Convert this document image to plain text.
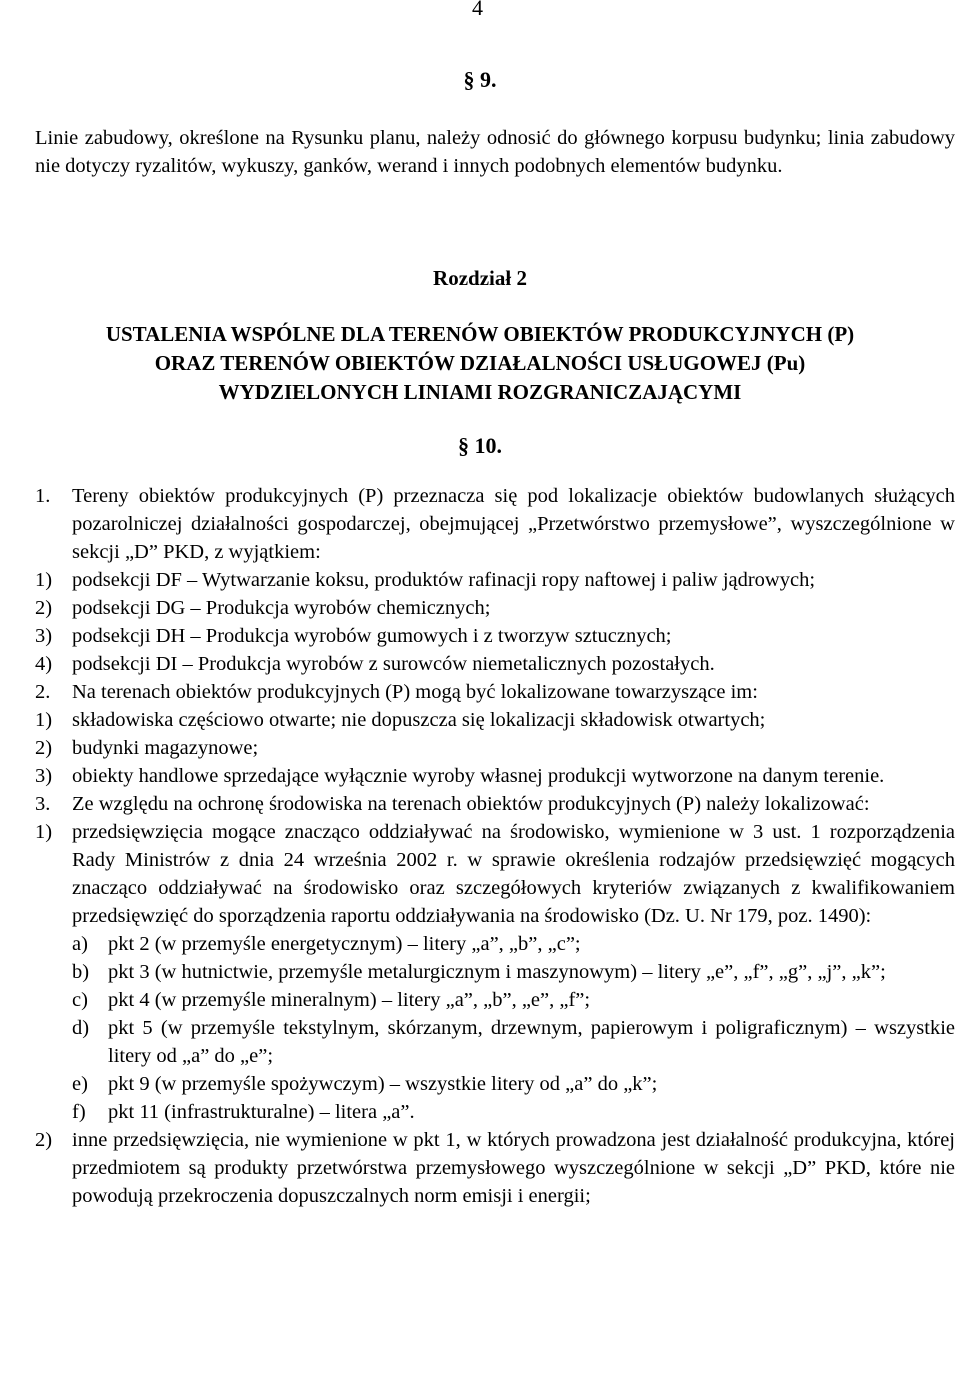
4
§ 9.
Linie zabudowy, określone na Rysunku planu, należy odnosić do głównego korpusu budynku; linia zabudowy nie dotyczy ryzalitów, wykuszy, ganków, werand i innych podobnych elementów budynku.
Rozdział 2
USTALENIA WSPÓLNE DLA TERENÓW OBIEKTÓW PRODUKCYJNYCH (P)
ORAZ TERENÓW OBIEKTÓW DZIAŁALNOŚCI USŁUGOWEJ (Pu)
WYDZIELONYCH LINIAMI ROZGRANICZAJĄCYMI
§ 10.
1. Tereny obiektów produkcyjnych (P) przeznacza się pod lokalizacje obiektów budowlanych służących pozarolniczej działalności gospodarczej, obejmującej „Przetwórstwo przemysłowe”, wyszczególnione w sekcji „D” PKD, z wyjątkiem:
1) podsekcji DF – Wytwarzanie koksu, produktów rafinacji ropy naftowej i paliw jądrowych;
2) podsekcji DG – Produkcja wyrobów chemicznych;
3) podsekcji DH – Produkcja wyrobów gumowych i z tworzyw sztucznych;
4) podsekcji DI – Produkcja wyrobów z surowców niemetalicznych pozostałych.
2. Na terenach obiektów produkcyjnych (P) mogą być lokalizowane towarzyszące im:
1) składowiska częściowo otwarte; nie dopuszcza się lokalizacji składowisk otwartych;
2) budynki magazynowe;
3) obiekty handlowe sprzedające wyłącznie wyroby własnej produkcji wytworzone na danym terenie.
3. Ze względu na ochronę środowiska na terenach obiektów produkcyjnych (P) należy lokalizować:
1) przedsięwzięcia mogące znacząco oddziaływać na środowisko, wymienione w 3 ust. 1 rozporządzenia Rady Ministrów z dnia 24 września 2002 r. w sprawie określenia rodzajów przedsięwzięć mogących znacząco oddziaływać na środowisko oraz szczegółowych kryteriów związanych z kwalifikowaniem przedsięwzięć do sporządzenia raportu oddziaływania na środowisko (Dz. U. Nr 179, poz. 1490):
a) pkt 2 (w przemyśle energetycznym) – litery „a”, „b”, „c”;
b) pkt 3 (w hutnictwie, przemyśle metalurgicznym i maszynowym) – litery „e”, „f”, „g”, „j”, „k”;
c) pkt 4 (w przemyśle mineralnym) – litery „a”, „b”, „e”, „f”;
d) pkt 5 (w przemyśle tekstylnym, skórzanym, drzewnym, papierowym i poligraficznym) – wszystkie litery od „a” do „e”;
e) pkt 9 (w przemyśle spożywczym) – wszystkie litery od „a” do „k”;
f) pkt 11 (infrastrukturalne) – litera „a”.
2) inne przedsięwzięcia, nie wymienione w pkt 1, w których prowadzona jest działalność produkcyjna, której przedmiotem są produkty przetwórstwa przemysłowego wyszczególnione w sekcji „D” PKD, które nie powodują przekroczenia dopuszczalnych norm emisji i energii;
